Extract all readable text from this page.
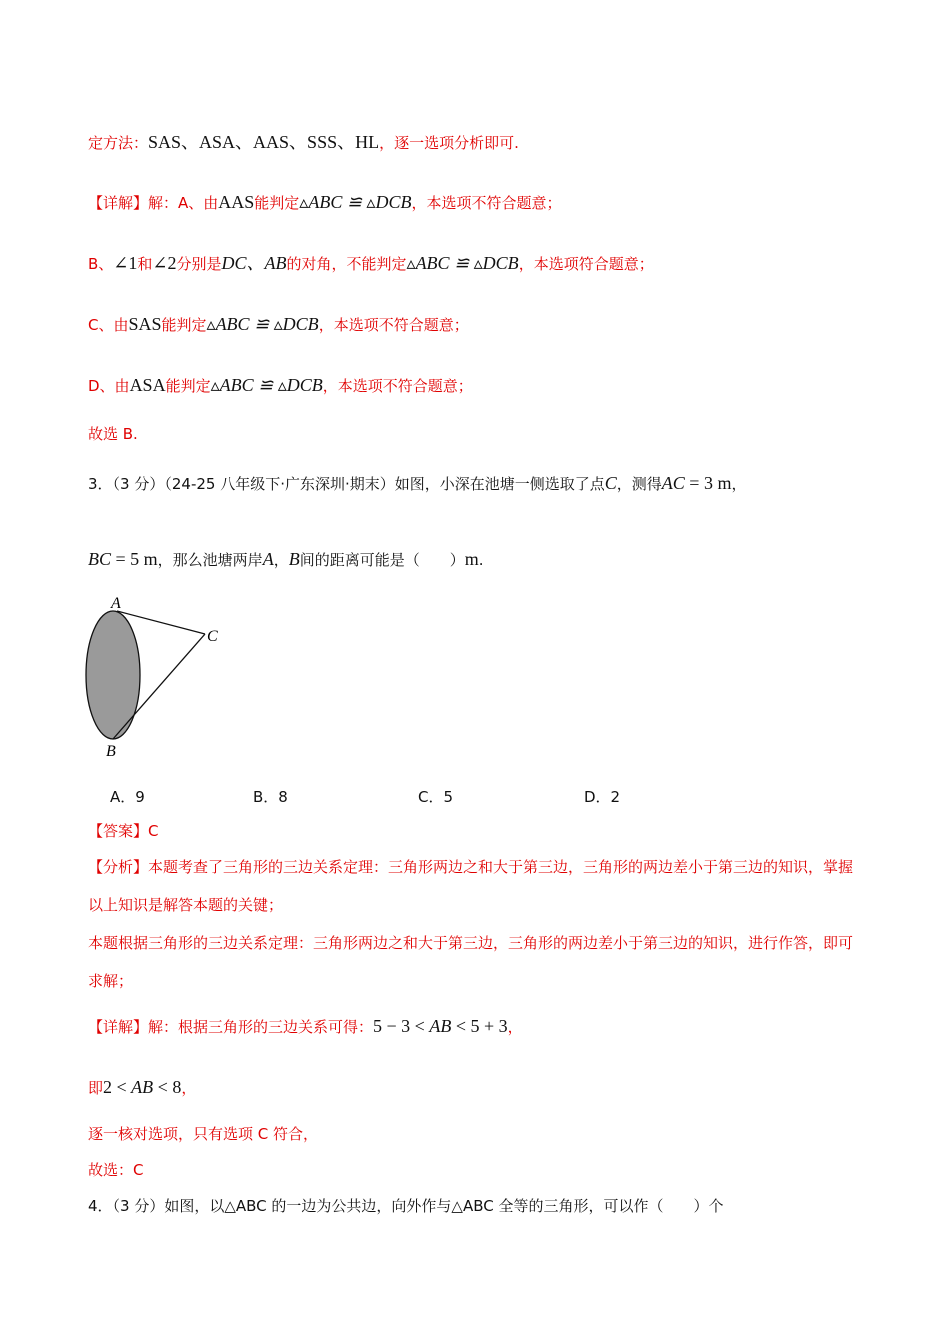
定方法：SAS、ASA、AAS、SSS、HL，逐一选项分析即可.
【详解】解：A、由AAS能判定▵ABC ≌ ▵DCB，本选项不符合题意；
B、∠1和∠2分别是DC、AB的对角，不能判定▵ABC ≌ ▵DCB，本选项符合题意；
C、由SAS能判定▵ABC ≌ ▵DCB，本选项不符合题意；
D、由ASA能判定▵ABC ≌ ▵DCB，本选项不符合题意；
故选 B.
3．（3 分）（24-25 八年级下·广东深圳·期末）如图，小深在池塘一侧选取了点C，测得AC = 3 m，
BC = 5 m，那么池塘两岸A，B间的距离可能是（　　）m.
A
C
B
A．9	B．8	C．5	D．2
【答案】C
【分析】本题考查了三角形的三边关系定理：三角形两边之和大于第三边，三角形的两边差小于第三边的知识，掌握以上知识是解答本题的关键；
本题根据三角形的三边关系定理：三角形两边之和大于第三边，三角形的两边差小于第三边的知识，进行作答，即可求解；
【详解】解：根据三角形的三边关系可得：5 − 3 < AB < 5 + 3，
即2 < AB < 8，
逐一核对选项，只有选项 C 符合，
故选：C
4．（3 分）如图，以△ABC 的一边为公共边，向外作与△ABC 全等的三角形，可以作（　　）个
